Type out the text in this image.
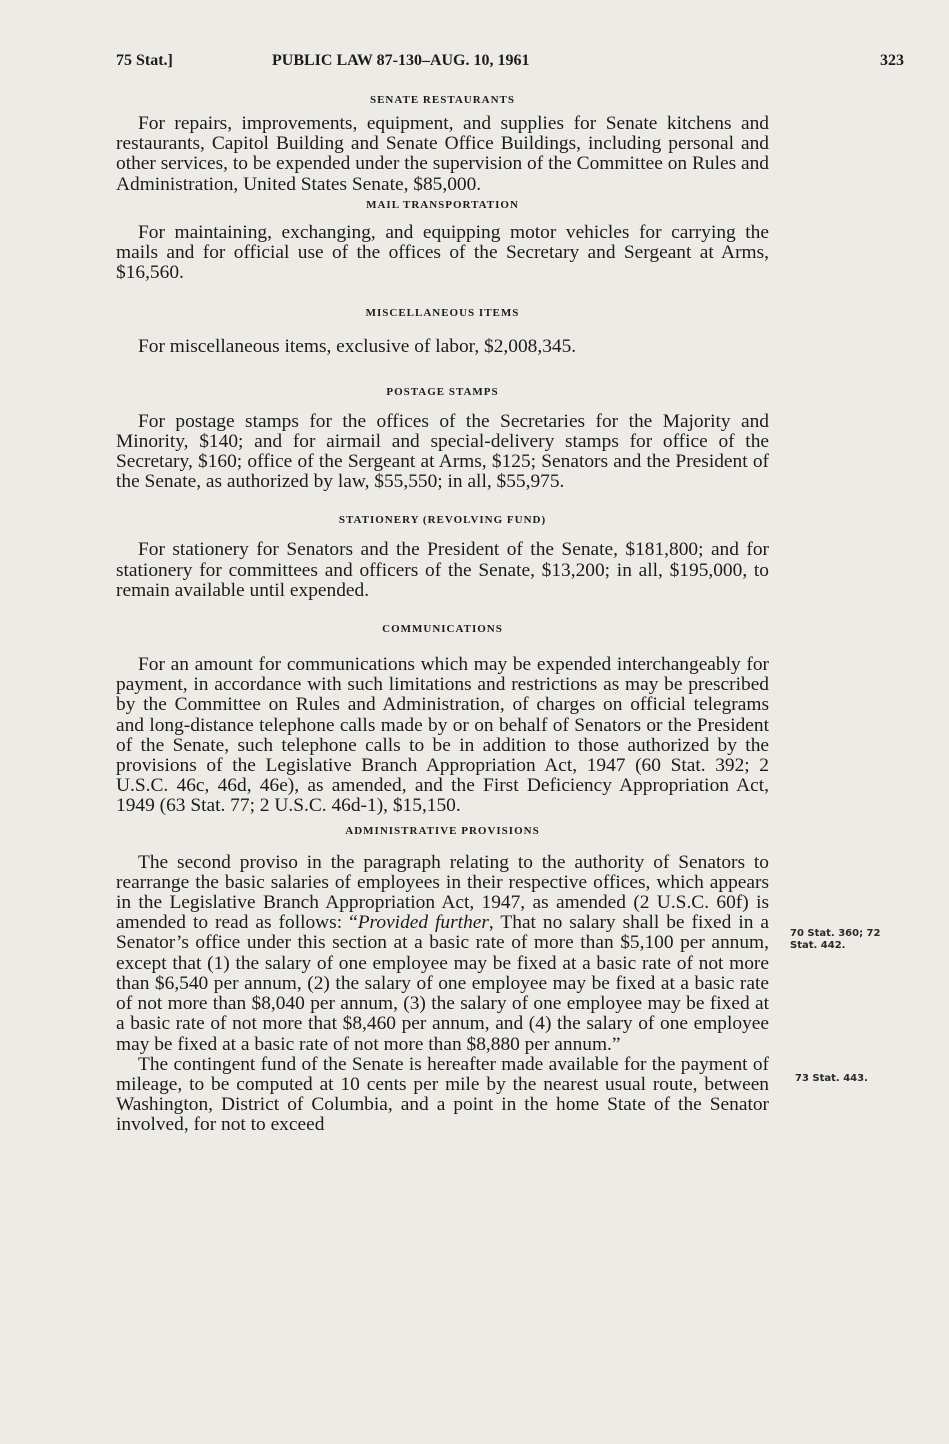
75 Stat.]	PUBLIC LAW 87-130–AUG. 10, 1961	323
SENATE RESTAURANTS

For repairs, improvements, equipment, and supplies for Senate kitchens and restaurants, Capitol Building and Senate Office Buildings, including personal and other services, to be expended under the supervision of the Committee on Rules and Administration, United States Senate, $85,000.

MAIL TRANSPORTATION

For maintaining, exchanging, and equipping motor vehicles for carrying the mails and for official use of the offices of the Secretary and Sergeant at Arms, $16,560.

MISCELLANEOUS ITEMS

For miscellaneous items, exclusive of labor, $2,008,345.

POSTAGE STAMPS

For postage stamps for the offices of the Secretaries for the Majority and Minority, $140; and for airmail and special-delivery stamps for office of the Secretary, $160; office of the Sergeant at Arms, $125; Senators and the President of the Senate, as authorized by law, $55,550; in all, $55,975.

STATIONERY (REVOLVING FUND)

For stationery for Senators and the President of the Senate, $181,800; and for stationery for committees and officers of the Senate, $13,200; in all, $195,000, to remain available until expended.

COMMUNICATIONS

For an amount for communications which may be expended interchangeably for payment, in accordance with such limitations and restrictions as may be prescribed by the Committee on Rules and Administration, of charges on official telegrams and long-distance telephone calls made by or on behalf of Senators or the President of the Senate, such telephone calls to be in addition to those authorized by the provisions of the Legislative Branch Appropriation Act, 1947 (60 Stat. 392; 2 U.S.C. 46c, 46d, 46e), as amended, and the First Deficiency Appropriation Act, 1949 (63 Stat. 77; 2 U.S.C. 46d-1), $15,150.

ADMINISTRATIVE PROVISIONS

The second proviso in the paragraph relating to the authority of Senators to rearrange the basic salaries of employees in their respective offices, which appears in the Legislative Branch Appropriation Act, 1947, as amended (2 U.S.C. 60f) is amended to read as follows: “Provided further, That no salary shall be fixed in a Senator’s office under this section at a basic rate of more than $5,100 per annum, except that (1) the salary of one employee may be fixed at a basic rate of not more than $6,540 per annum, (2) the salary of one employee may be fixed at a basic rate of not more than $8,040 per annum, (3) the salary of one employee may be fixed at a basic rate of not more that $8,460 per annum, and (4) the salary of one employee may be fixed at a basic rate of not more than $8,880 per annum.”

The contingent fund of the Senate is hereafter made available for the payment of mileage, to be computed at 10 cents per mile by the nearest usual route, between Washington, District of Columbia, and a point in the home State of the Senator involved, for not to exceed

70 Stat. 360; 72 Stat. 442.
73 Stat. 443.
